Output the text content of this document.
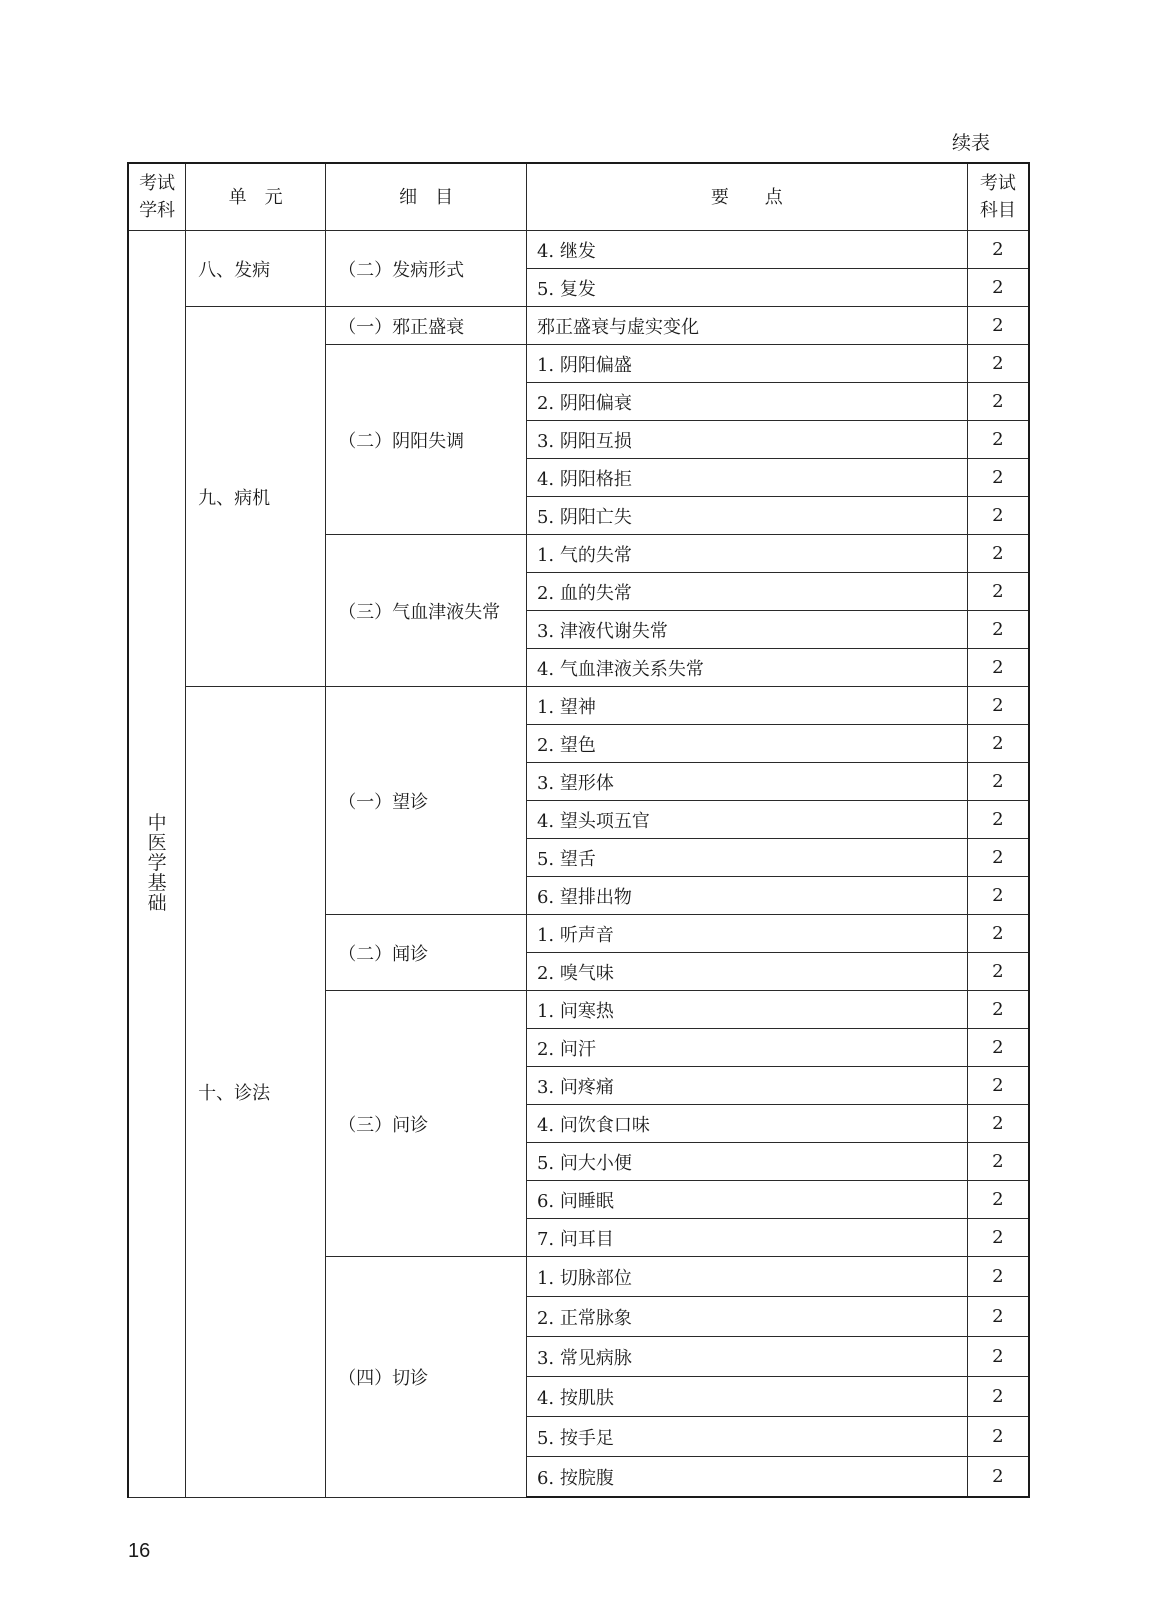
续表
考试学科	单　元	细　目	要　　点	考试科目
中医学基础	八、发病	（二）发病形式	4. 继发	2
			5. 复发	2
	九、病机	（一）邪正盛衰	邪正盛衰与虚实变化	2
		（二）阴阳失调	1. 阴阳偏盛	2
			2. 阴阳偏衰	2
			3. 阴阳互损	2
			4. 阴阳格拒	2
			5. 阴阳亡失	2
		（三）气血津液失常	1. 气的失常	2
			2. 血的失常	2
			3. 津液代谢失常	2
			4. 气血津液关系失常	2
	十、诊法	（一）望诊	1. 望神	2
			2. 望色	2
			3. 望形体	2
			4. 望头项五官	2
			5. 望舌	2
			6. 望排出物	2
		（二）闻诊	1. 听声音	2
			2. 嗅气味	2
		（三）问诊	1. 问寒热	2
			2. 问汗	2
			3. 问疼痛	2
			4. 问饮食口味	2
			5. 问大小便	2
			6. 问睡眠	2
			7. 问耳目	2
		（四）切诊	1. 切脉部位	2
			2. 正常脉象	2
			3. 常见病脉	2
			4. 按肌肤	2
			5. 按手足	2
			6. 按脘腹	2
16
